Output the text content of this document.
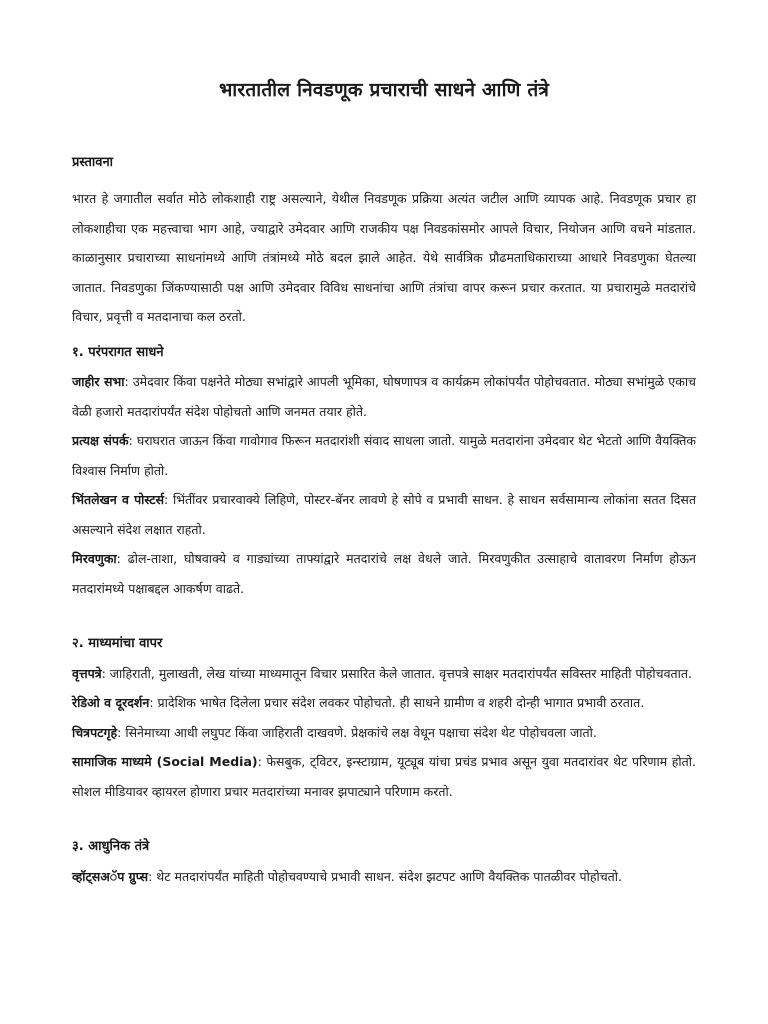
भारतातील निवडणूक प्रचाराची साधने आणि तंत्रे
प्रस्तावना

भारत हे जगातील सर्वात मोठे लोकशाही राष्ट्र असल्याने, येथील निवडणूक प्रक्रिया अत्यंत जटील आणि व्यापक आहे. निवडणूक प्रचार हा लोकशाहीचा एक महत्त्वाचा भाग आहे, ज्याद्वारे उमेदवार आणि राजकीय पक्ष निवडकांसमोर आपले विचार, नियोजन आणि वचने मांडतात. काळानुसार प्रचाराच्या साधनांमध्ये आणि तंत्रांमध्ये मोठे बदल झाले आहेत. येथे सार्वत्रिक प्रौढमताधिकाराच्या आधारे निवडणुका घेतल्या जातात. निवडणुका जिंकण्यासाठी पक्ष आणि उमेदवार विविध साधनांचा आणि तंत्रांचा वापर करून प्रचार करतात. या प्रचारामुळे मतदारांचे विचार, प्रवृत्ती व मतदानाचा कल ठरतो.

१. परंपरागत साधने

जाहीर सभा: उमेदवार किंवा पक्षनेते मोठ्या सभांद्वारे आपली भूमिका, घोषणापत्र व कार्यक्रम लोकांपर्यंत पोहोचवतात. मोठ्या सभांमुळे एकाच वेळी हजारो मतदारांपर्यंत संदेश पोहोचतो आणि जनमत तयार होते.

प्रत्यक्ष संपर्क: घराघरात जाऊन किंवा गावोगाव फिरून मतदारांशी संवाद साधला जातो. यामुळे मतदारांना उमेदवार थेट भेटतो आणि वैयक्तिक विश्वास निर्माण होतो.

भिंतलेखन व पोस्टर्स: भिंतींवर प्रचारवाक्ये लिहिणे, पोस्टर-बॅनर लावणे हे सोपे व प्रभावी साधन. हे साधन सर्वसामान्य लोकांना सतत दिसत असल्याने संदेश लक्षात राहतो.

मिरवणुका: ढोल-ताशा, घोषवाक्ये व गाड्यांच्या ताफ्यांद्वारे मतदारांचे लक्ष वेधले जाते. मिरवणुकीत उत्साहाचे वातावरण निर्माण होऊन मतदारांमध्ये पक्षाबद्दल आकर्षण वाढते.

२. माध्यमांचा वापर

वृत्तपत्रे: जाहिराती, मुलाखती, लेख यांच्या माध्यमातून विचार प्रसारित केले जातात. वृत्तपत्रे साक्षर मतदारांपर्यंत सविस्तर माहिती पोहोचवतात.

रेडिओ व दूरदर्शन: प्रादेशिक भाषेत दिलेला प्रचार संदेश लवकर पोहोचतो. ही साधने ग्रामीण व शहरी दोन्ही भागात प्रभावी ठरतात.

चित्रपटगृहे: सिनेमाच्या आधी लघुपट किंवा जाहिराती दाखवणे. प्रेक्षकांचे लक्ष वेधून पक्षाचा संदेश थेट पोहोचवला जातो.

सामाजिक माध्यमे (Social Media): फेसबुक, ट्विटर, इन्स्टाग्राम, यूट्यूब यांचा प्रचंड प्रभाव असून युवा मतदारांवर थेट परिणाम होतो. सोशल मीडियावर व्हायरल होणारा प्रचार मतदारांच्या मनावर झपाट्याने परिणाम करतो.

३. आधुनिक तंत्रे

व्हॉट्सअॅप ग्रुप्स: थेट मतदारांपर्यंत माहिती पोहोचवण्याचे प्रभावी साधन. संदेश झटपट आणि वैयक्तिक पातळीवर पोहोचतो.
